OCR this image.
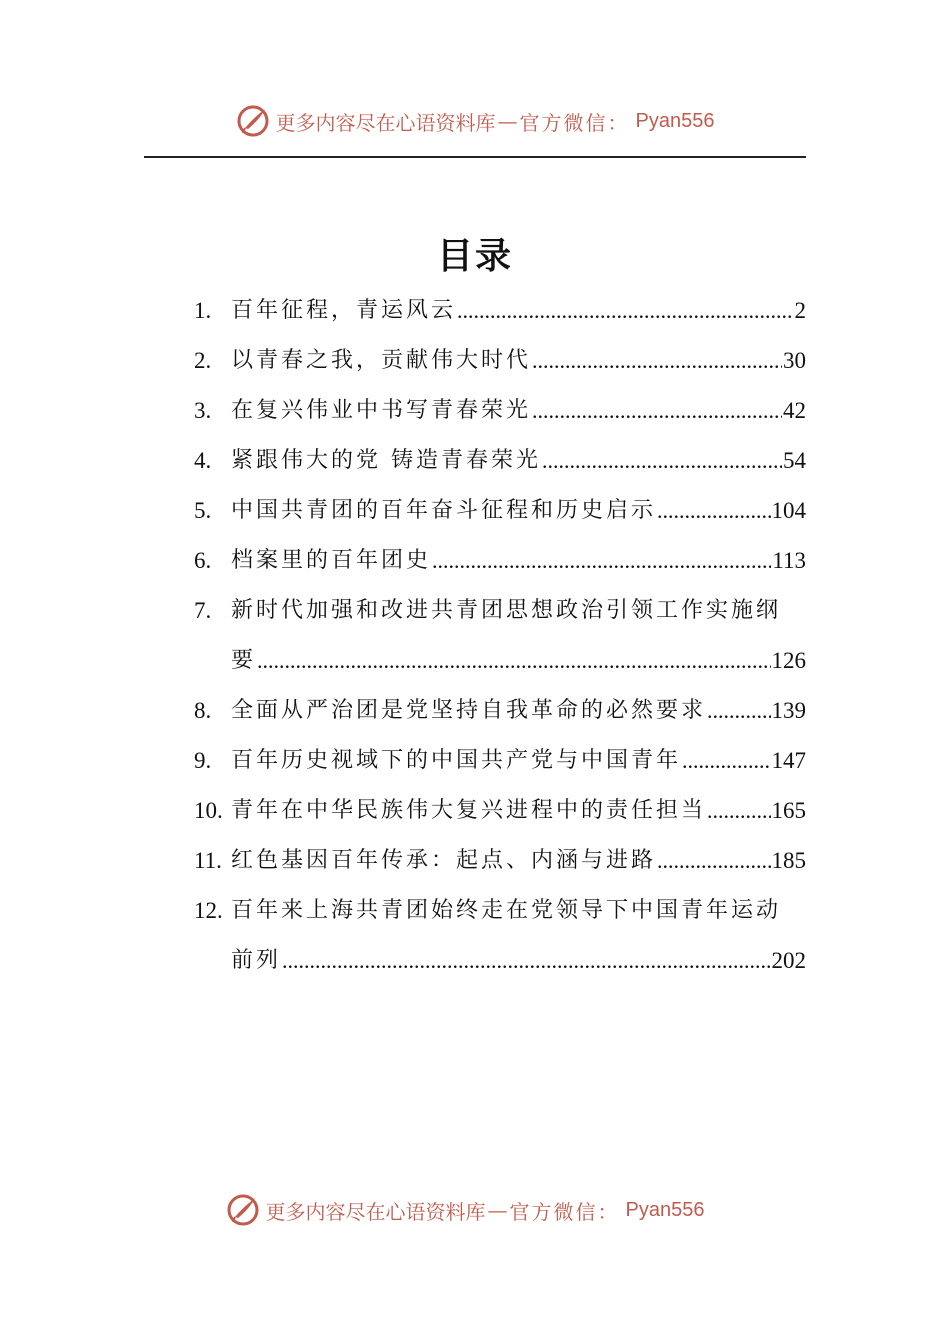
更多内容尽在心语资料库 — 官方微信： Pyan556
目录
1. 百年征程，青运风云 .....	2
2. 以青春之我，贡献伟大时代 .....	30
3. 在复兴伟业中书写青春荣光 .....	42
4. 紧跟伟大的党 铸造青春荣光 .....	54
5. 中国共青团的百年奋斗征程和历史启示 .....	104
6. 档案里的百年团史 .....	113
7. 新时代加强和改进共青团思想政治引领工作实施纲
要 .....	126
8. 全面从严治团是党坚持自我革命的必然要求 .....	139
9. 百年历史视域下的中国共产党与中国青年 .....	147
10. 青年在中华民族伟大复兴进程中的责任担当 .....	165
11. 红色基因百年传承：起点、内涵与进路 .....	185
12. 百年来上海共青团始终走在党领导下中国青年运动
前列 .....	202
更多内容尽在心语资料库 — 官方微信： Pyan556
